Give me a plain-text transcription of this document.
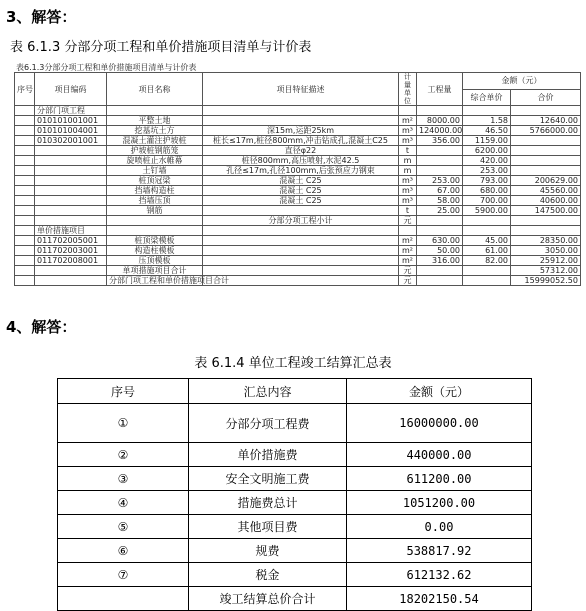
3、解答：
表 6.1.3 分部分项工程和单价措施项目清单与计价表
表6.1.3分部分项工程和单价措施项目清单与计价表
序号	项目编码	项目名称	项目特征描述	计量单位	工程量	金额（元）	
						综合单价	合价
	分部门项工程						
	010101001001	平整土地		m²	8000.00	1.58	12640.00
	010101004001	挖基坑土方	深15m,运距25km	m³	124000.00	46.50	5766000.00
	010302001001	混凝土灌注护坡桩	桩长≤17m,桩径800mm,冲击钻成孔,混凝土C25	m³	356.00	1159.00	
		护坡桩钢筋笼	直径φ22	t		6200.00	
		旋喷桩止水帷幕	桩径800mm,高压喷射,水泥42.5	m		420.00	
		土钉墙	孔径≤17m,孔径100mm,后张预应力钢束	m		253.00	
		桩顶冠梁	混凝土 C25	m³	253.00	793.00	200629.00
		挡墙构造柱	混凝土 C25	m³	67.00	680.00	45560.00
		挡墙压顶	混凝土 C25	m³	58.00	700.00	40600.00
		钢筋		t	25.00	5900.00	147500.00
			分部分项工程小计	元			
	单价措施项目						
	011702005001	桩顶梁模板		m²	630.00	45.00	28350.00
	011702003001	构造柱模板		m²	50.00	61.00	3050.00
	011702008001	压顶模板		m²	316.00	82.00	25912.00
		单项措施项目合计		元			57312.00
		分部门项工程和单价措施项目合计		元			15999052.50
4、解答：
表 6.1.4 单位工程竣工结算汇总表
序号	汇总内容	金额（元）
①	分部分项工程费	16000000.00
②	单价措施费	440000.00
③	安全文明施工费	611200.00
④	措施费总计	1051200.00
⑤	其他项目费	0.00
⑥	规费	538817.92
⑦	税金	612132.62
	竣工结算总价合计	18202150.54
